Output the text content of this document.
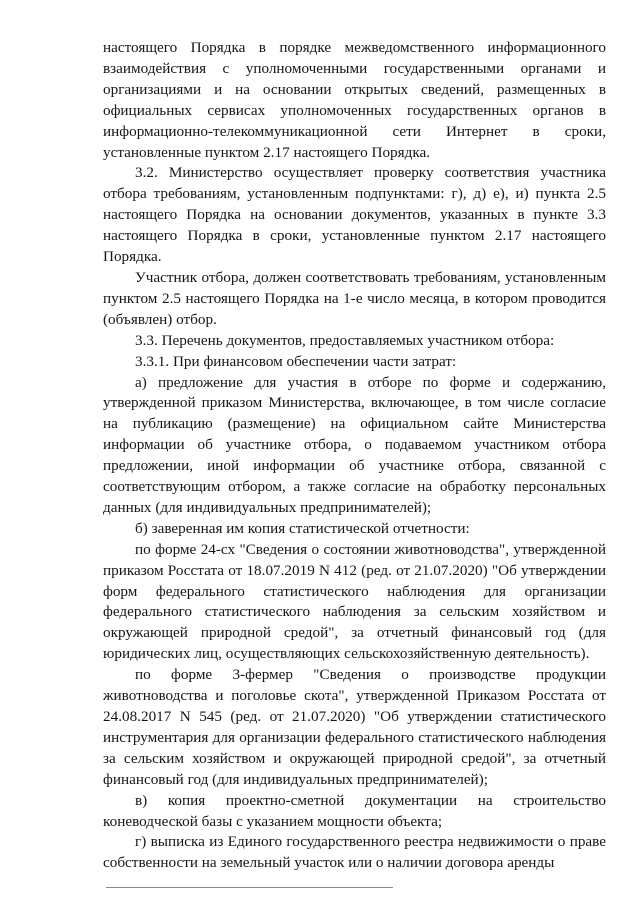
настоящего Порядка в порядке межведомственного информационного взаимодействия с уполномоченными государственными органами и организациями и на основании открытых сведений, размещенных в официальных сервисах уполномоченных государственных органов в информационно-телекоммуникационной сети Интернет в сроки, установленные пунктом 2.17 настоящего Порядка.

3.2. Министерство осуществляет проверку соответствия участника отбора требованиям, установленным подпунктами: г), д) е), и) пункта 2.5 настоящего Порядка на основании документов, указанных в пункте 3.3 настоящего Порядка в сроки, установленные пунктом 2.17 настоящего Порядка.

Участник отбора, должен соответствовать требованиям, установленным пунктом 2.5 настоящего Порядка на 1-е число месяца, в котором проводится (объявлен) отбор.

3.3. Перечень документов, предоставляемых участником отбора:

3.3.1. При финансовом обеспечении части затрат:

а) предложение для участия в отборе по форме и содержанию, утвержденной приказом Министерства, включающее, в том числе согласие на публикацию (размещение) на официальном сайте Министерства информации об участнике отбора, о подаваемом участником отбора предложении, иной информации об участнике отбора, связанной с соответствующим отбором, а также согласие на обработку персональных данных (для индивидуальных предпринимателей);

б) заверенная им копия статистической отчетности:

по форме 24-сх "Сведения о состоянии животноводства", утвержденной приказом Росстата от 18.07.2019 N 412 (ред. от 21.07.2020) "Об утверждении форм федерального статистического наблюдения для организации федерального статистического наблюдения за сельским хозяйством и окружающей природной средой", за отчетный финансовый год (для юридических лиц, осуществляющих сельскохозяйственную деятельность).

по форме 3-фермер "Сведения о производстве продукции животноводства и поголовье скота", утвержденной Приказом Росстата от 24.08.2017 N 545 (ред. от 21.07.2020) "Об утверждении статистического инструментария для организации федерального статистического наблюдения за сельским хозяйством и окружающей природной средой", за отчетный финансовый год (для индивидуальных предпринимателей);

в) копия проектно-сметной документации на строительство коневодческой базы с указанием мощности объекта;

г) выписка из Единого государственного реестра недвижимости о праве собственности на земельный участок или о наличии договора аренды
